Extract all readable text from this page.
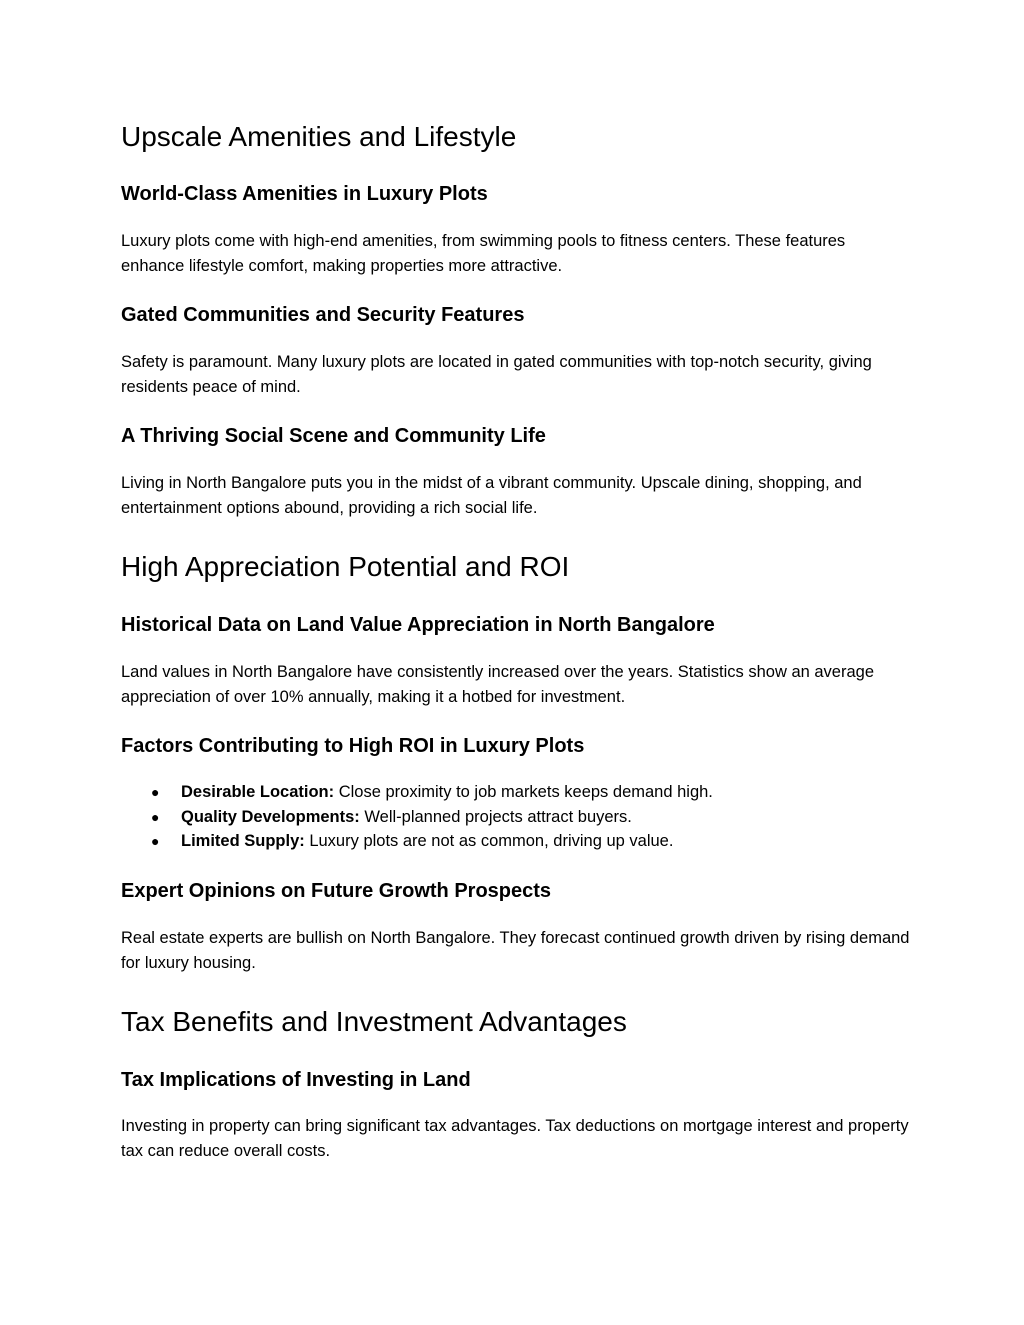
Upscale Amenities and Lifestyle
World-Class Amenities in Luxury Plots

Luxury plots come with high-end amenities, from swimming pools to fitness centers. These features enhance lifestyle comfort, making properties more attractive.

Gated Communities and Security Features

Safety is paramount. Many luxury plots are located in gated communities with top-notch security, giving residents peace of mind.

A Thriving Social Scene and Community Life

Living in North Bangalore puts you in the midst of a vibrant community. Upscale dining, shopping, and entertainment options abound, providing a rich social life.

High Appreciation Potential and ROI
Historical Data on Land Value Appreciation in North Bangalore

Land values in North Bangalore have consistently increased over the years. Statistics show an average appreciation of over 10% annually, making it a hotbed for investment.

Factors Contributing to High ROI in Luxury Plots
● Desirable Location: Close proximity to job markets keeps demand high.
● Quality Developments: Well-planned projects attract buyers.
● Limited Supply: Luxury plots are not as common, driving up value.
Expert Opinions on Future Growth Prospects

Real estate experts are bullish on North Bangalore. They forecast continued growth driven by rising demand for luxury housing.

Tax Benefits and Investment Advantages
Tax Implications of Investing in Land

Investing in property can bring significant tax advantages. Tax deductions on mortgage interest and property tax can reduce overall costs.
